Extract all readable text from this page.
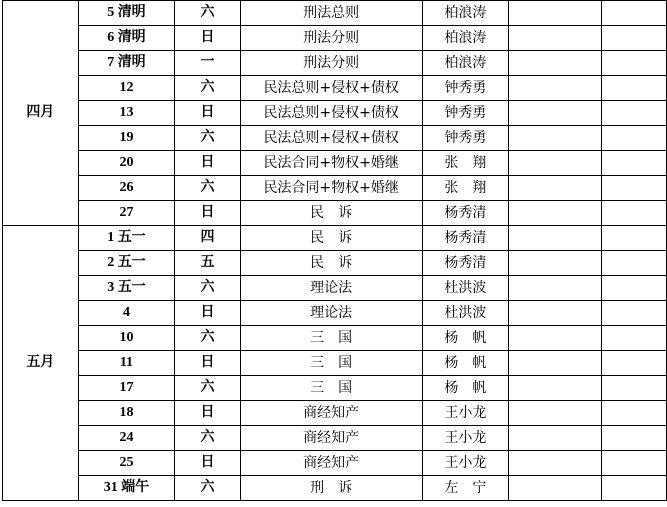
四月	5 清明	六	刑法总则	柏浪涛		
	6 清明	日	刑法分则	柏浪涛		
	7 清明	一	刑法分则	柏浪涛		
	12	六	民法总则+侵权+债权	钟秀勇		
	13	日	民法总则+侵权+债权	钟秀勇		
	19	六	民法总则+侵权+债权	钟秀勇		
	20	日	民法合同+物权+婚继	张　翔		
	26	六	民法合同+物权+婚继	张　翔		
	27	日	民　诉	杨秀清		
五月	1 五一	四	民　诉	杨秀清		
	2 五一	五	民　诉	杨秀清		
	3 五一	六	理论法	杜洪波		
	4	日	理论法	杜洪波		
	10	六	三　国	杨　帆		
	11	日	三　国	杨　帆		
	17	六	三　国	杨　帆		
	18	日	商经知产	王小龙		
	24	六	商经知产	王小龙		
	25	日	商经知产	王小龙		
	31 端午	六	刑　诉	左　宁		
